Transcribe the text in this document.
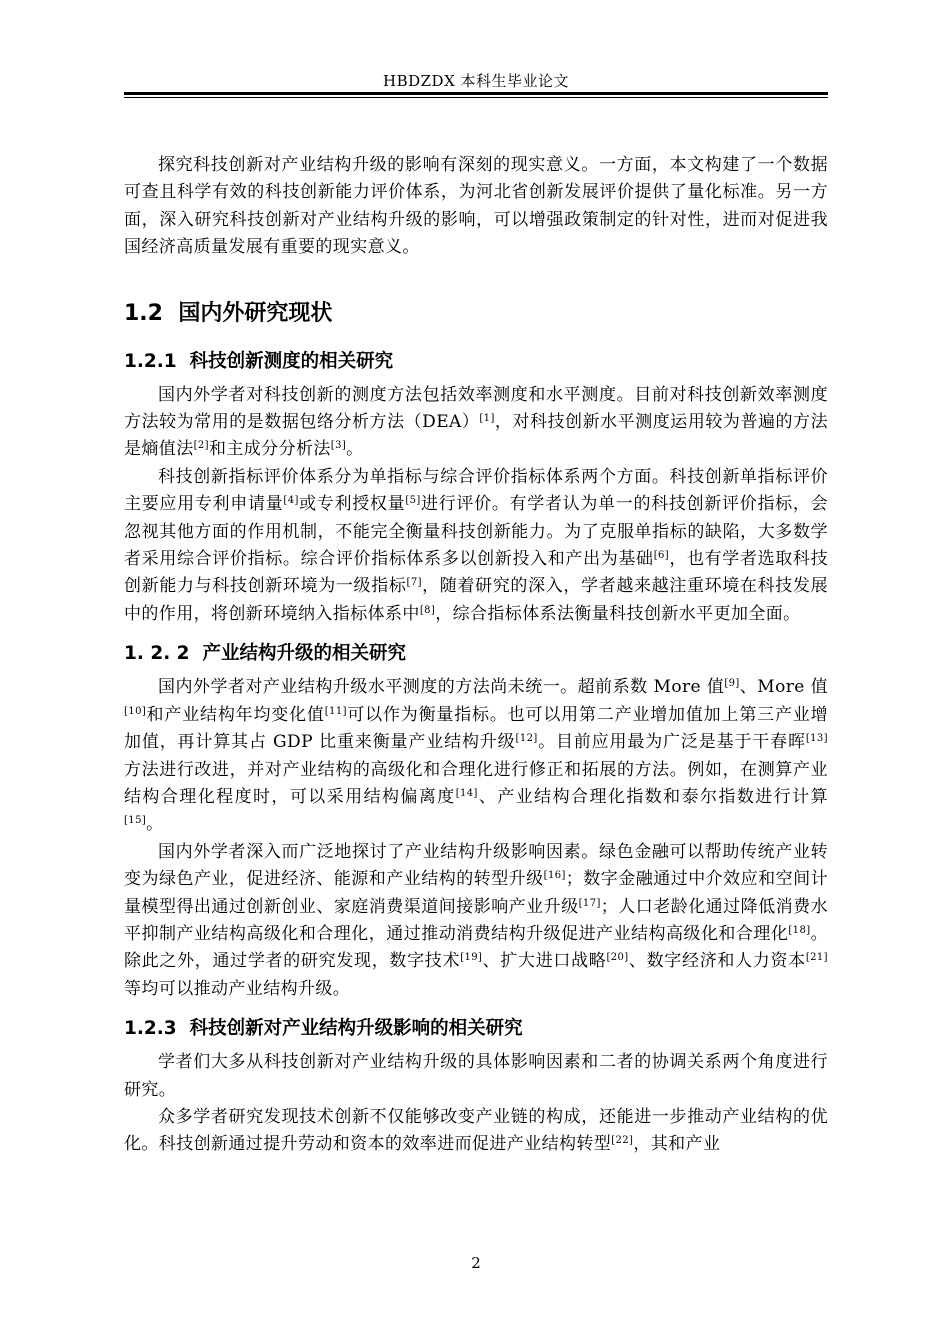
HBDZDX 本科生毕业论文

探究科技创新对产业结构升级的影响有深刻的现实意义。一方面，本文构建了一个数据可查且科学有效的科技创新能力评价体系，为河北省创新发展评价提供了量化标准。另一方面，深入研究科技创新对产业结构升级的影响，可以增强政策制定的针对性，进而对促进我国经济高质量发展有重要的现实意义。

1.2 国内外研究现状
1.2.1 科技创新测度的相关研究

国内外学者对科技创新的测度方法包括效率测度和水平测度。目前对科技创新效率测度方法较为常用的是数据包络分析方法（DEA）[1]，对科技创新水平测度运用较为普遍的方法是熵值法[2]和主成分分析法[3]。

科技创新指标评价体系分为单指标与综合评价指标体系两个方面。科技创新单指标评价主要应用专利申请量[4]或专利授权量[5]进行评价。有学者认为单一的科技创新评价指标，会忽视其他方面的作用机制，不能完全衡量科技创新能力。为了克服单指标的缺陷，大多数学者采用综合评价指标。综合评价指标体系多以创新投入和产出为基础[6]，也有学者选取科技创新能力与科技创新环境为一级指标[7]，随着研究的深入，学者越来越注重环境在科技发展中的作用，将创新环境纳入指标体系中[8]，综合指标体系法衡量科技创新水平更加全面。

1. 2. 2 产业结构升级的相关研究

国内外学者对产业结构升级水平测度的方法尚未统一。超前系数 More 值[9]、More 值[10]和产业结构年均变化值[11]可以作为衡量指标。也可以用第二产业增加值加上第三产业增加值，再计算其占 GDP 比重来衡量产业结构升级[12]。目前应用最为广泛是基于干春晖[13]方法进行改进，并对产业结构的高级化和合理化进行修正和拓展的方法。例如，在测算产业结构合理化程度时，可以采用结构偏离度[14]、产业结构合理化指数和泰尔指数进行计算[15]。

国内外学者深入而广泛地探讨了产业结构升级影响因素。绿色金融可以帮助传统产业转变为绿色产业，促进经济、能源和产业结构的转型升级[16]；数字金融通过中介效应和空间计量模型得出通过创新创业、家庭消费渠道间接影响产业升级[17]；人口老龄化通过降低消费水平抑制产业结构高级化和合理化，通过推动消费结构升级促进产业结构高级化和合理化[18]。除此之外，通过学者的研究发现，数字技术[19]、扩大进口战略[20]、数字经济和人力资本[21]等均可以推动产业结构升级。

1.2.3 科技创新对产业结构升级影响的相关研究

学者们大多从科技创新对产业结构升级的具体影响因素和二者的协调关系两个角度进行研究。

众多学者研究发现技术创新不仅能够改变产业链的构成，还能进一步推动产业结构的优化。科技创新通过提升劳动和资本的效率进而促进产业结构转型[22]，其和产业

2
